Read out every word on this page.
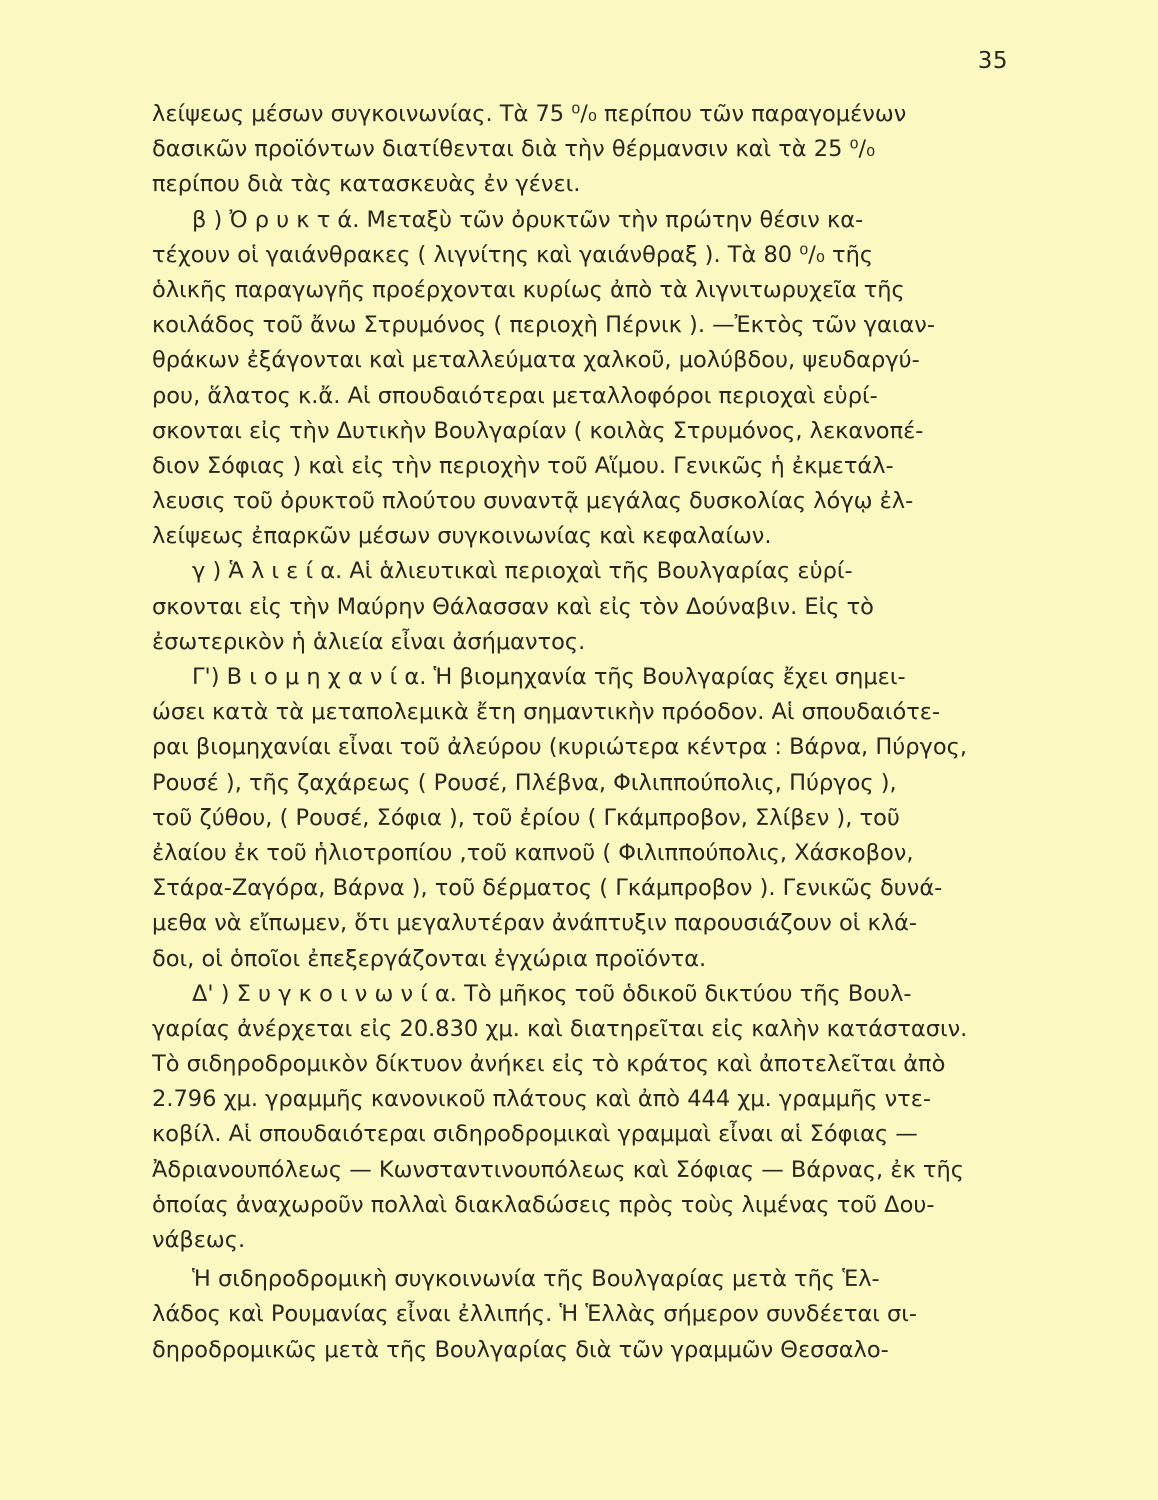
35
λείψεως μέσων συγκοινωνίας. Τὰ 75 ⁰/₀ περίπου τῶν παραγομένων
δασικῶν προϊόντων διατίθενται διὰ τὴν θέρμανσιν καὶ τὰ 25 ⁰/₀
περίπου διὰ τὰς κατασκευὰς ἐν γένει.
β ) Ὀ ρ υ κ τ ά. Μεταξὺ τῶν ὀρυκτῶν τὴν πρώτην θέσιν κα-
τέχουν οἱ γαιάνθρακες ( λιγνίτης καὶ γαιάνθραξ ). Τὰ 80 ⁰/₀ τῆς
ὁλικῆς παραγωγῆς προέρχονται κυρίως ἀπὸ τὰ λιγνιτωρυχεῖα τῆς
κοιλάδος τοῦ ἄνω Στρυμόνος ( περιοχὴ Πέρνικ ). —Ἐκτὸς τῶν γαιαν-
θράκων ἐξάγονται καὶ μεταλλεύματα χαλκοῦ, μολύβδου, ψευδαργύ-
ρου, ἅλατος κ.ἄ. Αἱ σπουδαιότεραι μεταλλοφόροι περιοχαὶ εὑρί-
σκονται εἰς τὴν Δυτικὴν Βουλγαρίαν ( κοιλὰς Στρυμόνος, λεκανοπέ-
διον Σόφιας ) καὶ εἰς τὴν περιοχὴν τοῦ Αἵμου. Γενικῶς ἡ ἐκμετάλ-
λευσις τοῦ ὀρυκτοῦ πλούτου συναντᾷ μεγάλας δυσκολίας λόγῳ ἐλ-
λείψεως ἐπαρκῶν μέσων συγκοινωνίας καὶ κεφαλαίων.
γ ) Ἁ λ ι ε ί α. Αἱ ἁλιευτικαὶ περιοχαὶ τῆς Βουλγαρίας εὑρί-
σκονται εἰς τὴν Μαύρην Θάλασσαν καὶ εἰς τὸν Δούναβιν. Εἰς τὸ
ἐσωτερικὸν ἡ ἁλιεία εἶναι ἀσήμαντος.
Γ') Β ι ο μ η χ α ν ί α. Ἡ βιομηχανία τῆς Βουλγαρίας ἔχει σημει-
ώσει κατὰ τὰ μεταπολεμικὰ ἔτη σημαντικὴν πρόοδον. Αἱ σπουδαιότε-
ραι βιομηχανίαι εἶναι τοῦ ἀλεύρου (κυριώτερα κέντρα : Βάρνα, Πύργος,
Ρουσέ ), τῆς ζαχάρεως ( Ρουσέ, Πλέβνα, Φιλιππούπολις, Πύργος ),
τοῦ ζύθου, ( Ρουσέ, Σόφια ), τοῦ ἐρίου ( Γκάμπροβον, Σλίβεν ), τοῦ
ἐλαίου ἐκ τοῦ ἡλιοτροπίου ,τοῦ καπνοῦ ( Φιλιππούπολις, Χάσκοβον,
Στάρα-Ζαγόρα, Βάρνα ), τοῦ δέρματος ( Γκάμπροβον ). Γενικῶς δυνά-
μεθα νὰ εἴπωμεν, ὅτι μεγαλυτέραν ἀνάπτυξιν παρουσιάζουν οἱ κλά-
δοι, οἱ ὁποῖοι ἐπεξεργάζονται ἐγχώρια προϊόντα.
Δ' ) Σ υ γ κ ο ι ν ω ν ί α. Τὸ μῆκος τοῦ ὁδικοῦ δικτύου τῆς Βουλ-
γαρίας ἀνέρχεται εἰς 20.830 χμ. καὶ διατηρεῖται εἰς καλὴν κατάστασιν.
Τὸ σιδηροδρομικὸν δίκτυον ἀνήκει εἰς τὸ κράτος καὶ ἀποτελεῖται ἀπὸ
2.796 χμ. γραμμῆς κανονικοῦ πλάτους καὶ ἀπὸ 444 χμ. γραμμῆς ντε-
κοβίλ. Αἱ σπουδαιότεραι σιδηροδρομικαὶ γραμμαὶ εἶναι αἱ Σόφιας —
Ἀδριανουπόλεως — Κωνσταντινουπόλεως καὶ Σόφιας — Βάρνας, ἐκ τῆς
ὁποίας ἀναχωροῦν πολλαὶ διακλαδώσεις πρὸς τοὺς λιμένας τοῦ Δου-
νάβεως.
Ἡ σιδηροδρομικὴ συγκοινωνία τῆς Βουλγαρίας μετὰ τῆς Ἑλ-
λάδος καὶ Ρουμανίας εἶναι ἐλλιπής. Ἡ Ἑλλὰς σήμερον συνδέεται σι-
δηροδρομικῶς μετὰ τῆς Βουλγαρίας διὰ τῶν γραμμῶν Θεσσαλο-
